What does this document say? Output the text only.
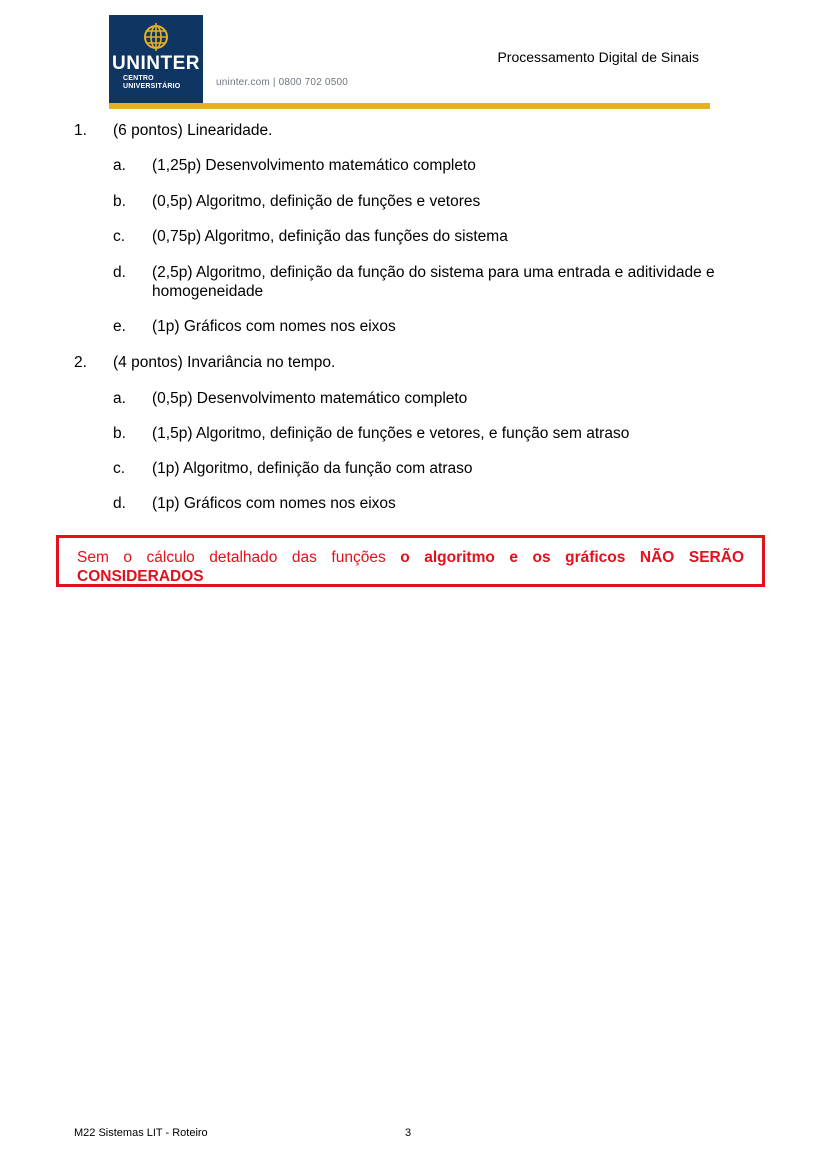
UNINTER
CENTRO
UNIVERSITÁRIO	uninter.com | 0800 702 0500
Processamento Digital de Sinais
1. (6 pontos) Linearidade.
a. (1,25p) Desenvolvimento matemático completo
b. (0,5p) Algoritmo, definição de funções e vetores
c. (0,75p) Algoritmo, definição das funções do sistema
d. (2,5p) Algoritmo, definição da função do sistema para uma entrada e aditividade e homogeneidade
e. (1p) Gráficos com nomes nos eixos
2. (4 pontos) Invariância no tempo.
a. (0,5p) Desenvolvimento matemático completo
b. (1,5p) Algoritmo, definição de funções e vetores, e função sem atraso
c. (1p) Algoritmo, definição da função com atraso
d. (1p) Gráficos com nomes nos eixos
Sem o cálculo detalhado das funções o algoritmo e os gráficos NÃO SERÃO CONSIDERADOS
M22 Sistemas LIT - Roteiro	3
